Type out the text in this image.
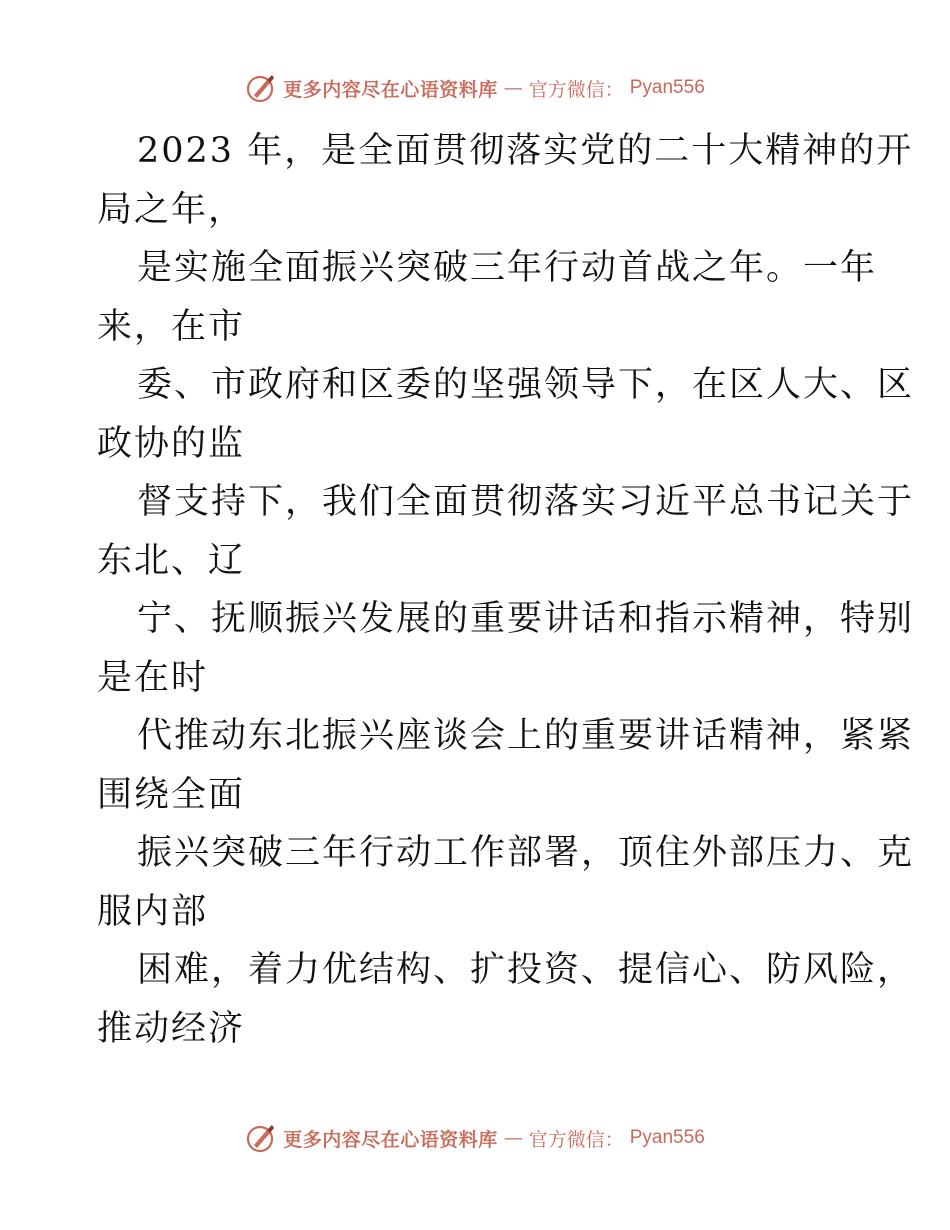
更多内容尽在心语资料库 — 官方微信： Pyan556
2023 年，是全面贯彻落实党的二十大精神的开
局之年，
是实施全面振兴突破三年行动首战之年。一年
来，在市
委、市政府和区委的坚强领导下，在区人大、区
政协的监
督支持下，我们全面贯彻落实习近平总书记关于
东北、辽
宁、抚顺振兴发展的重要讲话和指示精神，特别
是在时
代推动东北振兴座谈会上的重要讲话精神，紧紧
围绕全面
振兴突破三年行动工作部署，顶住外部压力、克
服内部
困难，着力优结构、扩投资、提信心、防风险，
推动经济
更多内容尽在心语资料库 — 官方微信： Pyan556
